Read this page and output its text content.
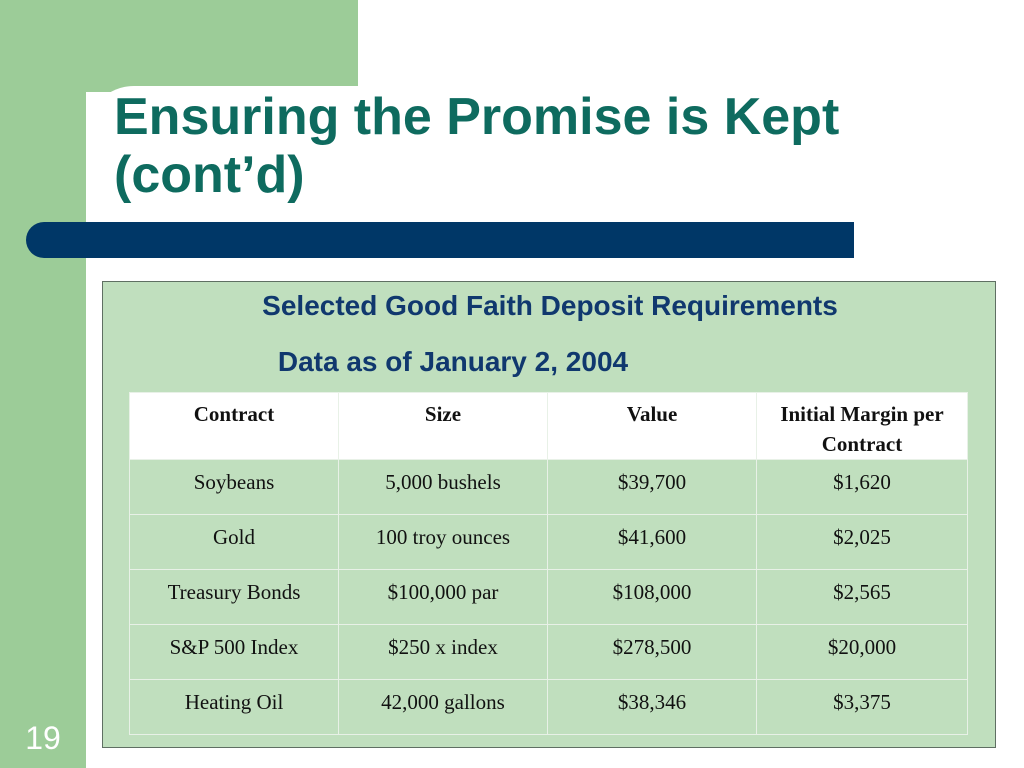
Ensuring the Promise is Kept
(cont’d)

Selected Good Faith Deposit Requirements

Data as of January 2, 2004

Contract	Size	Value	Initial Margin per Contract
Soybeans	5,000 bushels	$39,700	$1,620
Gold	100 troy ounces	$41,600	$2,025
Treasury Bonds	$100,000 par	$108,000	$2,565
S&P 500 Index	$250 x index	$278,500	$20,000
Heating Oil	42,000 gallons	$38,346	$3,375
19
